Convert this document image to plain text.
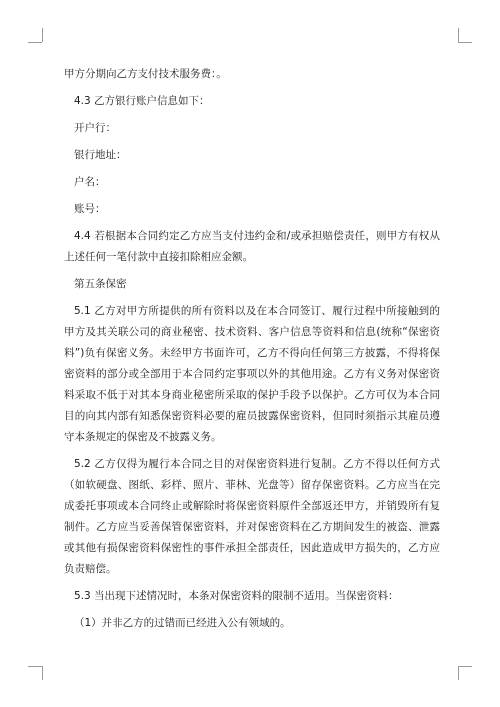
甲方分期向乙方支付技术服务费：。

4.3 乙方银行账户信息如下：

开户行：

银行地址：

户名：

账号：

4.4 若根据本合同约定乙方应当支付违约金和/或承担赔偿责任，则甲方有权从上述任何一笔付款中直接扣除相应金额。

第五条保密

5.1 乙方对甲方所提供的所有资料以及在本合同签订、履行过程中所接触到的甲方及其关联公司的商业秘密、技术资料、客户信息等资料和信息(统称“保密资料”)负有保密义务。未经甲方书面许可，乙方不得向任何第三方披露，不得将保密资料的部分或全部用于本合同约定事项以外的其他用途。乙方有义务对保密资料采取不低于对其本身商业秘密所采取的保护手段予以保护。乙方可仅为本合同目的向其内部有知悉保密资料必要的雇员披露保密资料，但同时须指示其雇员遵守本条规定的保密及不披露义务。

5.2 乙方仅得为履行本合同之目的对保密资料进行复制。乙方不得以任何方式（如软硬盘、图纸、彩样、照片、菲林、光盘等）留存保密资料。乙方应当在完成委托事项或本合同终止或解除时将保密资料原件全部返还甲方，并销毁所有复制件。乙方应当妥善保管保密资料，并对保密资料在乙方期间发生的被盗、泄露或其他有损保密资料保密性的事件承担全部责任，因此造成甲方损失的，乙方应负责赔偿。

5.3 当出现下述情况时，本条对保密资料的限制不适用。当保密资料：

（1）并非乙方的过错而已经进入公有领域的。
